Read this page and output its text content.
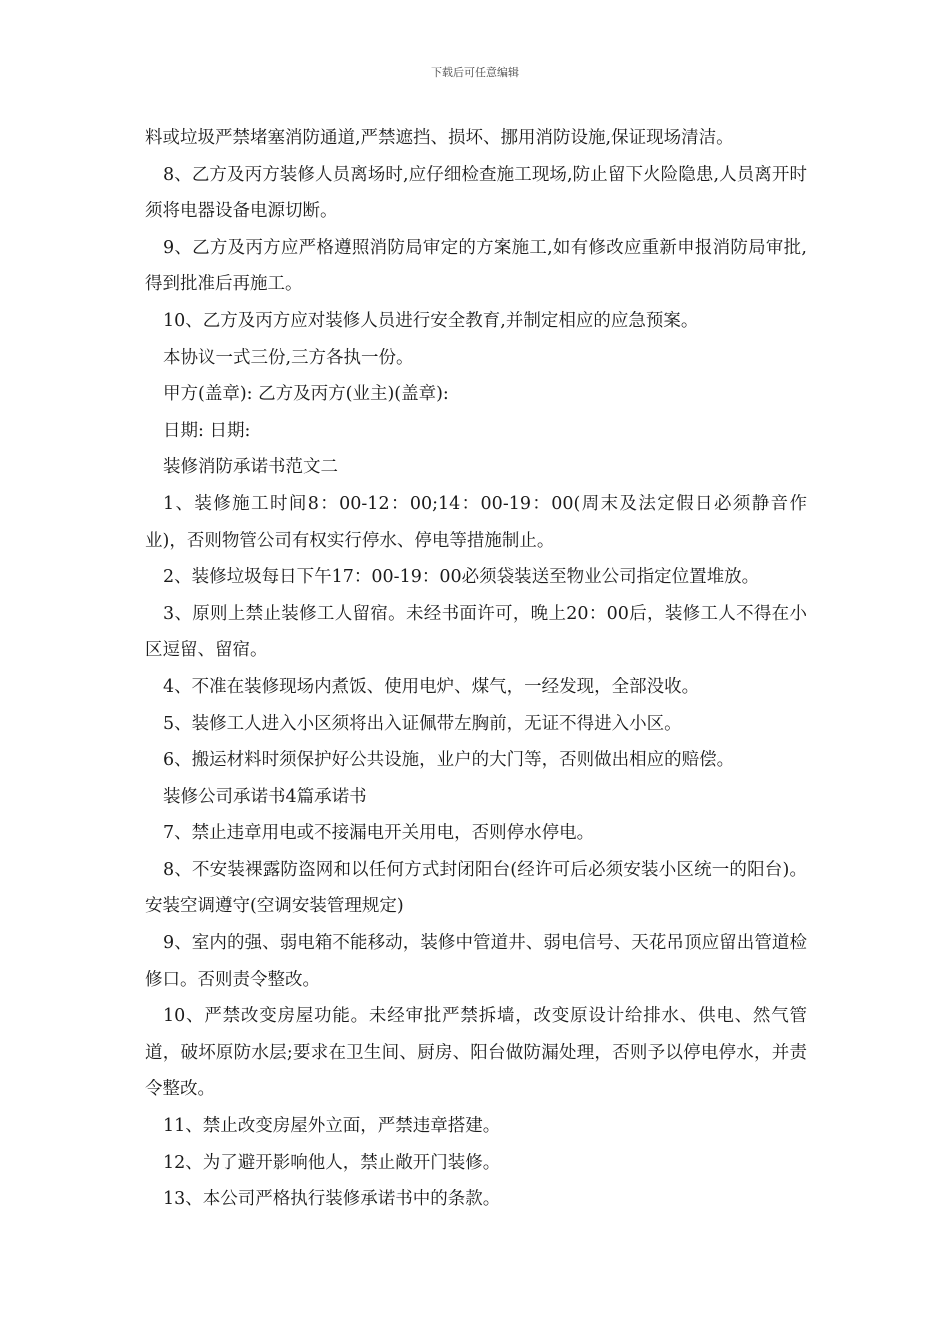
下载后可任意编辑

料或垃圾严禁堵塞消防通道,严禁遮挡、损坏、挪用消防设施,保证现场清洁。

8、乙方及丙方装修人员离场时,应仔细检查施工现场,防止留下火险隐患,人员离开时须将电器设备电源切断。

9、乙方及丙方应严格遵照消防局审定的方案施工,如有修改应重新申报消防局审批,得到批准后再施工。

10、乙方及丙方应对装修人员进行安全教育,并制定相应的应急预案。

本协议一式三份,三方各执一份。

甲方(盖章): 乙方及丙方(业主)(盖章):

日期: 日期:

装修消防承诺书范文二

1、装修施工时间8：00-12：00;14：00-19：00(周末及法定假日必须静音作业)，否则物管公司有权实行停水、停电等措施制止。

2、装修垃圾每日下午17：00-19：00必须袋装送至物业公司指定位置堆放。

3、原则上禁止装修工人留宿。未经书面许可，晚上20：00后，装修工人不得在小区逗留、留宿。

4、不准在装修现场内煮饭、使用电炉、煤气，一经发现，全部没收。

5、装修工人进入小区须将出入证佩带左胸前，无证不得进入小区。

6、搬运材料时须保护好公共设施，业户的大门等，否则做出相应的赔偿。

装修公司承诺书4篇承诺书

7、禁止违章用电或不接漏电开关用电，否则停水停电。

8、不安装裸露防盗网和以任何方式封闭阳台(经许可后必须安装小区统一的阳台)。安装空调遵守(空调安装管理规定)

9、室内的强、弱电箱不能移动，装修中管道井、弱电信号、天花吊顶应留出管道检修口。否则责令整改。

10、严禁改变房屋功能。未经审批严禁拆墙，改变原设计给排水、供电、然气管道，破坏原防水层;要求在卫生间、厨房、阳台做防漏处理，否则予以停电停水，并责令整改。

11、禁止改变房屋外立面，严禁违章搭建。

12、为了避开影响他人，禁止敞开门装修。

13、本公司严格执行装修承诺书中的条款。
